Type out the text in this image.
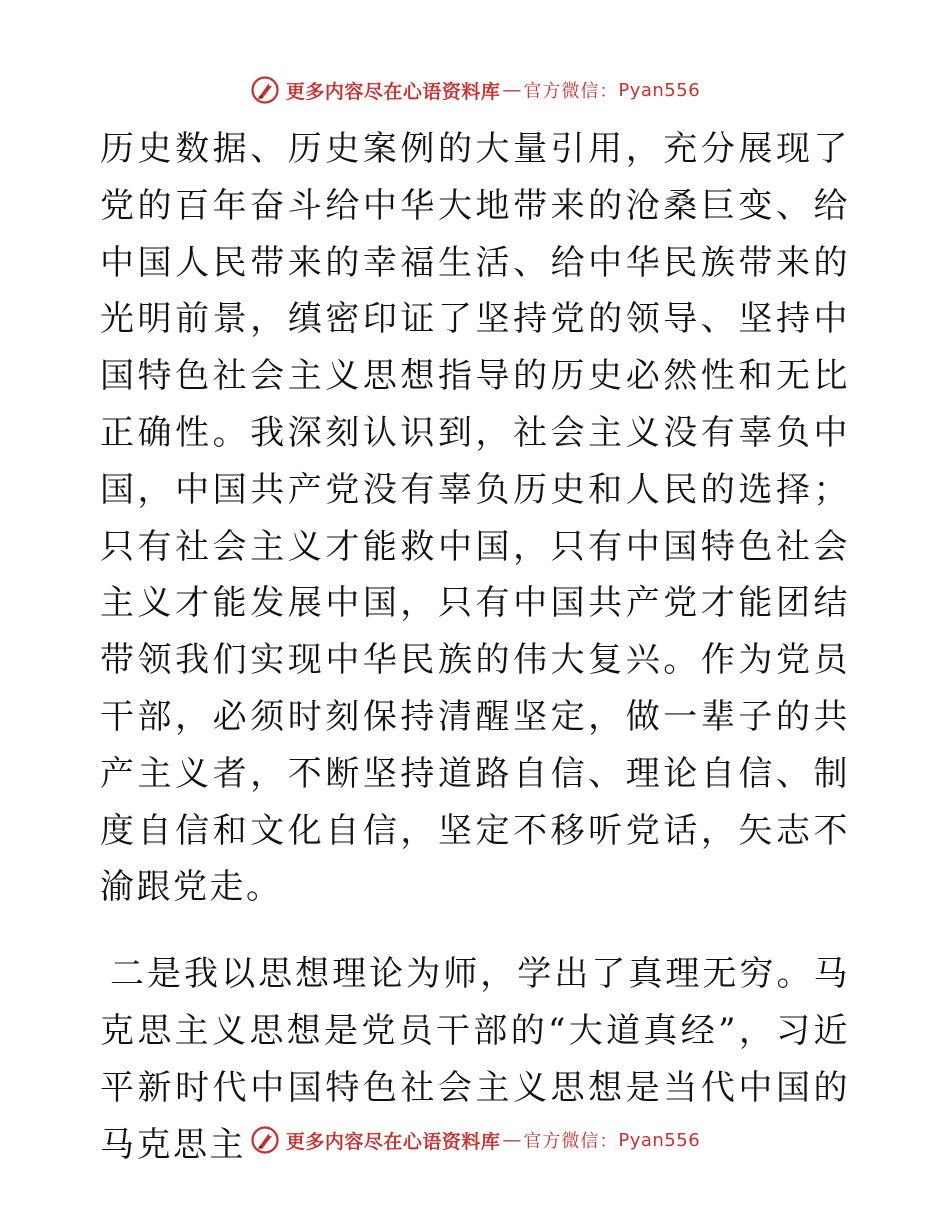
更多内容尽在心语资料库 — 官方微信： Pyan556

历史数据、历史案例的大量引用，充分展现了党的百年奋斗给中华大地带来的沧桑巨变、给中国人民带来的幸福生活、给中华民族带来的光明前景，缜密印证了坚持党的领导、坚持中国特色社会主义思想指导的历史必然性和无比正确性。我深刻认识到，社会主义没有辜负中国，中国共产党没有辜负历史和人民的选择；只有社会主义才能救中国，只有中国特色社会主义才能发展中国，只有中国共产党才能团结带领我们实现中华民族的伟大复兴。作为党员干部，必须时刻保持清醒坚定，做一辈子的共产主义者，不断坚持道路自信、理论自信、制度自信和文化自信，坚定不移听党话，矢志不渝跟党走。

二是我以思想理论为师，学出了真理无穷。马克思主义思想是党员干部的“大道真经”，习近平新时代中国特色社会主义思想是当代中国的马克思主	更多内容尽在心语资料库 — 官方微信： Pyan556
